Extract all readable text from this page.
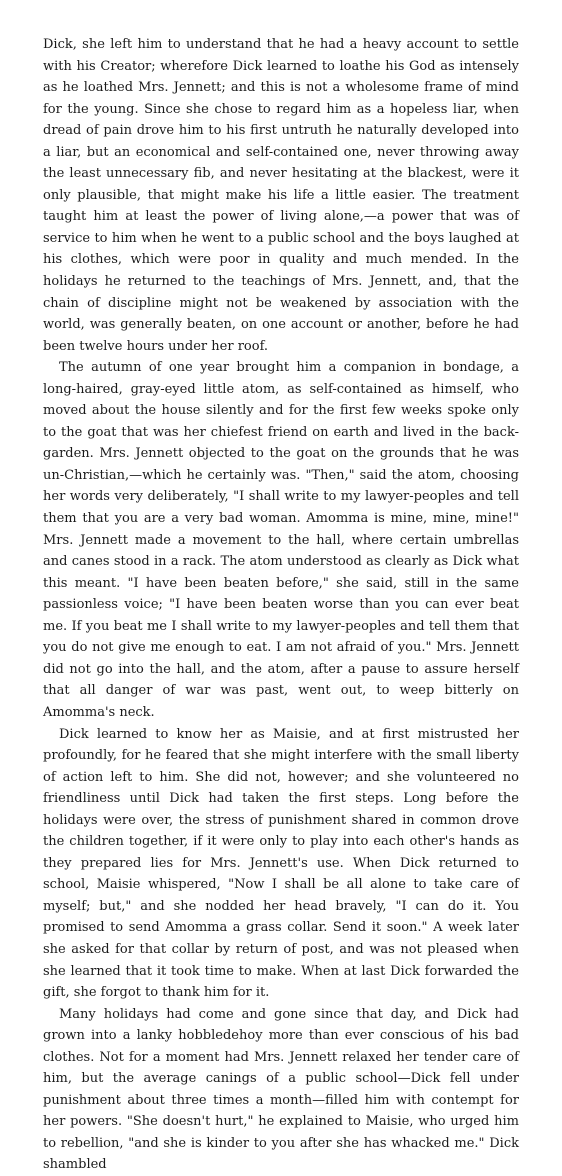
Dick, she left him to understand that he had a heavy account to settle with his Creator; wherefore Dick learned to loathe his God as intensely as he loathed Mrs. Jennett; and this is not a wholesome frame of mind for the young. Since she chose to regard him as a hopeless liar, when dread of pain drove him to his first untruth he naturally developed into a liar, but an economical and self-contained one, never throwing away the least unnecessary fib, and never hesitating at the blackest, were it only plausible, that might make his life a little easier. The treatment taught him at least the power of living alone,—a power that was of service to him when he went to a public school and the boys laughed at his clothes, which were poor in quality and much mended. In the holidays he returned to the teachings of Mrs. Jennett, and, that the chain of discipline might not be weakened by association with the world, was generally beaten, on one account or another, before he had been twelve hours under her roof.

The autumn of one year brought him a companion in bondage, a long-haired, gray-eyed little atom, as self-contained as himself, who moved about the house silently and for the first few weeks spoke only to the goat that was her chiefest friend on earth and lived in the back-garden. Mrs. Jennett objected to the goat on the grounds that he was un-Christian,—which he certainly was. "Then," said the atom, choosing her words very deliberately, "I shall write to my lawyer-peoples and tell them that you are a very bad woman. Amomma is mine, mine, mine!" Mrs. Jennett made a movement to the hall, where certain umbrellas and canes stood in a rack. The atom understood as clearly as Dick what this meant. "I have been beaten before," she said, still in the same passionless voice; "I have been beaten worse than you can ever beat me. If you beat me I shall write to my lawyer-peoples and tell them that you do not give me enough to eat. I am not afraid of you." Mrs. Jennett did not go into the hall, and the atom, after a pause to assure herself that all danger of war was past, went out, to weep bitterly on Amomma's neck.

Dick learned to know her as Maisie, and at first mistrusted her profoundly, for he feared that she might interfere with the small liberty of action left to him. She did not, however; and she volunteered no friendliness until Dick had taken the first steps. Long before the holidays were over, the stress of punishment shared in common drove the children together, if it were only to play into each other's hands as they prepared lies for Mrs. Jennett's use. When Dick returned to school, Maisie whispered, "Now I shall be all alone to take care of myself; but," and she nodded her head bravely, "I can do it. You promised to send Amomma a grass collar. Send it soon." A week later she asked for that collar by return of post, and was not pleased when she learned that it took time to make. When at last Dick forwarded the gift, she forgot to thank him for it.

Many holidays had come and gone since that day, and Dick had grown into a lanky hobbledehoy more than ever conscious of his bad clothes. Not for a moment had Mrs. Jennett relaxed her tender care of him, but the average canings of a public school—Dick fell under punishment about three times a month—filled him with contempt for her powers. "She doesn't hurt," he explained to Maisie, who urged him to rebellion, "and she is kinder to you after she has whacked me." Dick shambled
